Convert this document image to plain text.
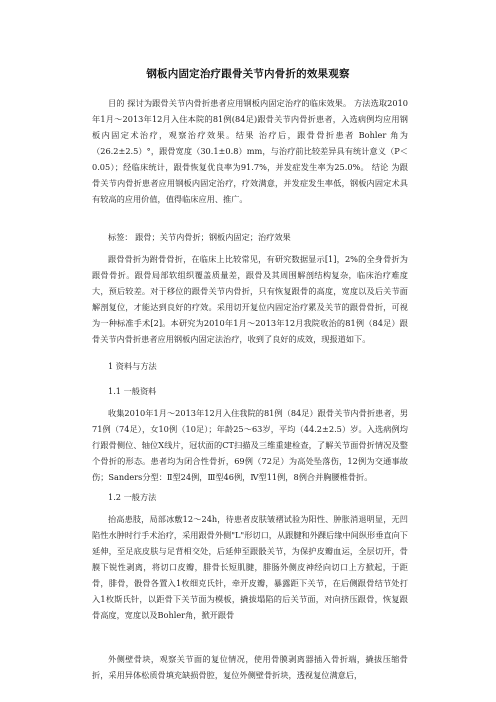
钢板内固定治疗跟骨关节内骨折的效果观察

目的 探讨为跟骨关节内骨折患者应用钢板内固定治疗的临床效果。 方法选取2010年1月～2013年12月入住本院的81例(84足)跟骨关节内骨折患者，入选病例均应用钢板内固定术治疗，观察治疗效果。结果 治疗后，跟骨骨折患者 Bohler 角为（26.2±2.5）°，跟骨宽度（30.1±0.8）mm，与治疗前比较差异具有统计意义（P＜0.05）；经临床统计，跟骨恢复优良率为91.7%，并发症发生率为25.0%。 结论 为跟骨关节内骨折患者应用钢板内固定治疗，疗效满意，并发症发生率低，钢板内固定术具有较高的应用价值，值得临床应用、推广。

标签： 跟骨；关节内骨折；钢板内固定；治疗效果

跟骨骨折为跗骨骨折，在临床上比较常见，有研究数据显示[1]，2%的全身骨折为跟骨骨折。跟骨局部软组织覆盖质量差，跟骨及其周围解剖结构复杂，临床治疗难度大，预后较差。对于移位的跟骨关节内骨折，只有恢复跟骨的高度，宽度以及后关节面解剖复位，才能达到良好的疗效。采用切开复位内固定治疗累及关节的跟骨骨折，可视为一种标准手术[2]。本研究为2010年1月～2013年12月我院收治的81例（84足）跟骨关节内骨折患者应用钢板内固定法治疗，收到了良好的成效，现报道如下。

1 资料与方法
1.1 一般资料

收集2010年1月～2013年12月入住我院的81例（84足）跟骨关节内骨折患者，男71例（74足），女10例（10足）；年龄25～63岁，平均（44.2±2.5）岁。入选病例均行跟骨侧位、轴位X线片，冠状面的CT扫描及三维重建检查，了解关节面骨折情况及整个骨折的形态。患者均为闭合性骨折，69例（72足）为高处坠落伤，12例为交通事故伤；Sanders分型：Ⅱ型24例，Ⅲ型46例，Ⅳ型11例，8例合并胸腰椎骨折。

1.2 一般方法

抬高患肢，局部冰敷12～24h，待患者皮肤皱褶试验为阳性、肿胀消退明显，无凹陷性水肿时行手术治疗，采用跟骨外侧"L"形切口，从跟腱和外踝后缘中间纵形垂直向下延伸，至足底皮肤与足背相交处，后延伸至跟骰关节，为保护皮瓣血运，全层切开，骨膜下锐性剥离，将切口皮瓣，腓骨长短肌腱，腓肠外侧皮神经向切口上方掀起，于距骨，腓骨，骰骨各置入1枚细克氏针，牵开皮瓣，暴露距下关节，在后侧跟骨结节处打入1枚斯氏针，以距骨下关节面为模板，撬拔塌陷的后关节面，对向挤压跟骨，恢复跟骨高度，宽度以及Bohler角，掀开跟骨

外侧壁骨块，观察关节面的复位情况，使用骨膜剥离器插入骨折端，撬拔压缩骨折，采用异体松质骨填充缺损骨腔，复位外侧壁骨折块，透视复位满意后，
